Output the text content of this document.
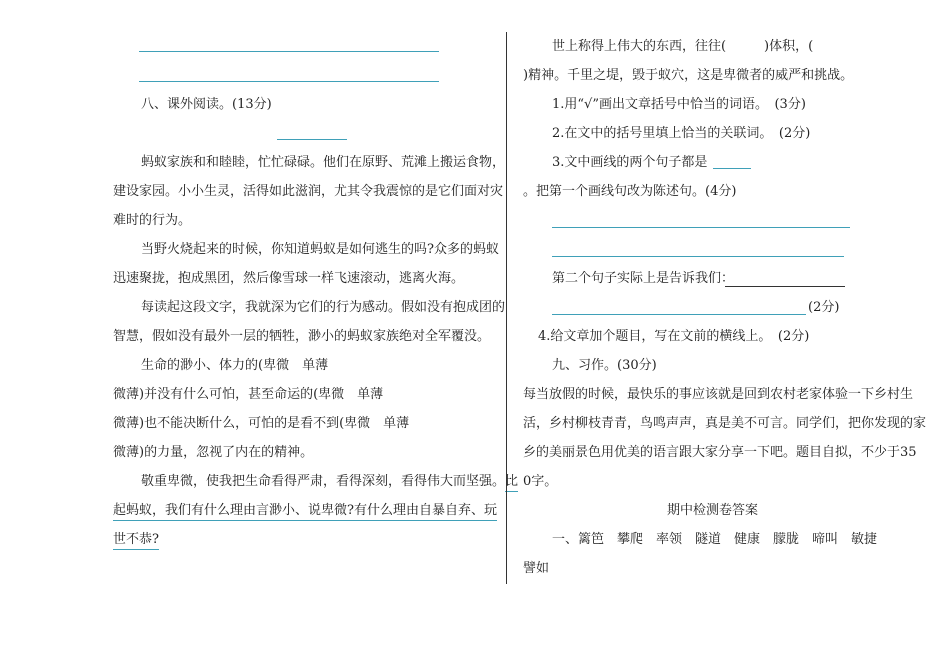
八、课外阅读。(13分)
蚂蚁家族和和睦睦，忙忙碌碌。他们在原野、荒滩上搬运食物，
建设家园。小小生灵，活得如此滋润，尤其令我震惊的是它们面对灾
难时的行为。
当野火烧起来的时候，你知道蚂蚁是如何逃生的吗?众多的蚂蚁
迅速聚拢，抱成黑团，然后像雪球一样飞速滚动，逃离火海。
每读起这段文字，我就深为它们的行为感动。假如没有抱成团的
智慧，假如没有最外一层的牺牲，渺小的蚂蚁家族绝对全军覆没。
生命的渺小、体力的(卑微　单薄
微薄)并没有什么可怕，甚至命运的(卑微　单薄
微薄)也不能决断什么，可怕的是看不到(卑微　单薄
微薄)的力量，忽视了内在的精神。
敬重卑微，使我把生命看得严肃，看得深刻，看得伟大而坚强。比
起蚂蚁，我们有什么理由言渺小、说卑微?有什么理由自暴自弃、玩
世不恭?
世上称得上伟大的东西，往往(	)体积，(
)精神。千里之堤，毁于蚁穴，这是卑微者的威严和挑战。
1.用“√”画出文章括号中恰当的词语。　(3分)
2.在文中的括号里填上恰当的关联词。　(2分)
3.文中画线的两个句子都是
。把第一个画线句改为陈述句。(4分)
第二个句子实际上是告诉我们：
(2分)
4.给文章加个题目，写在文前的横线上。　(2分)
九、习作。(30分)
每当放假的时候，最快乐的事应该就是回到农村老家体验一下乡村生
活，乡村柳枝青青，鸟鸣声声，真是美不可言。同学们，把你发现的家
乡的美丽景色用优美的语言跟大家分享一下吧。题目自拟，不少于35
0字。
期中检测卷答案
一、篱笆　攀爬　率领　隧道　健康　朦胧　啼叫　敏捷
譬如
